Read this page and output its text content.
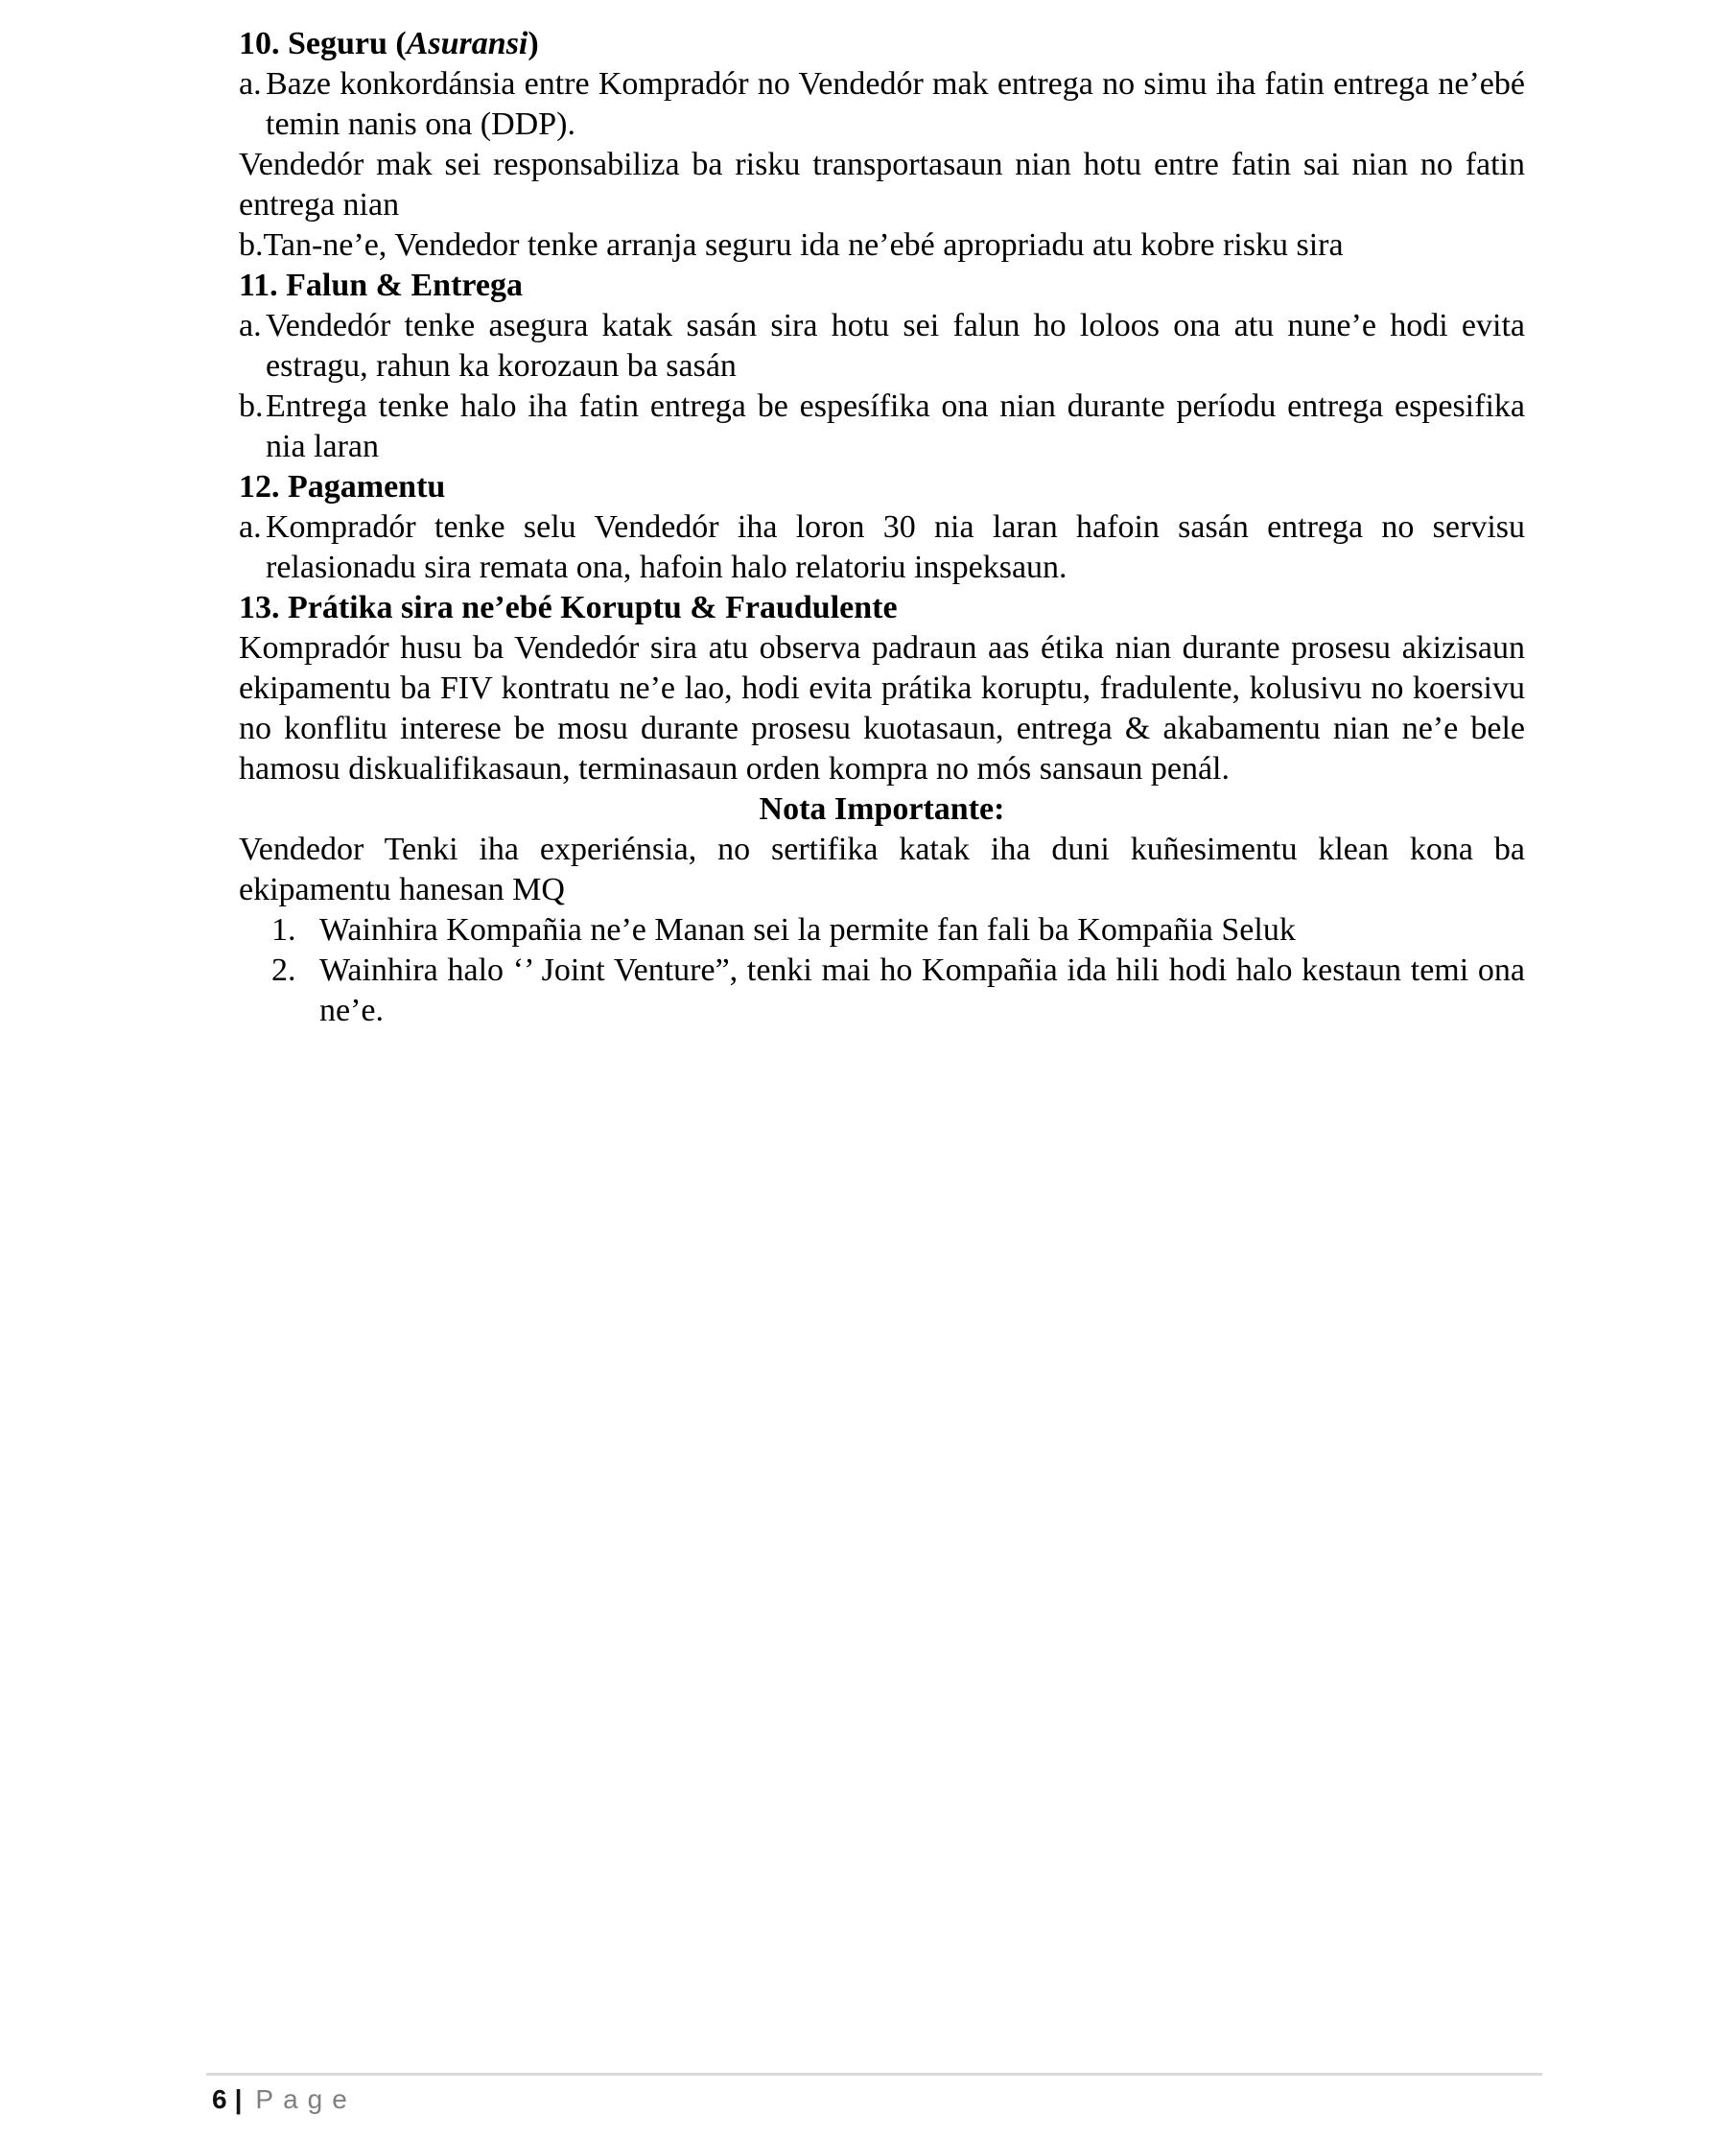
10. Seguru (Asuransi)

a. Baze konkordánsia entre Kompradór no Vendedór mak entrega no simu iha fatin entrega ne’ebé temin nanis ona (DDP).

Vendedór mak sei responsabiliza ba risku transportasaun nian hotu entre fatin sai nian no fatin entrega nian

b.Tan-ne’e, Vendedor tenke arranja seguru ida ne’ebé apropriadu atu kobre risku sira

11. Falun & Entrega

a. Vendedór tenke asegura katak sasán sira hotu sei falun ho loloos ona atu nune’e hodi evita estragu, rahun ka korozaun ba sasán

b.Entrega tenke halo iha fatin entrega be espesífika ona nian durante períodu entrega espesifika nia laran

12. Pagamentu

a. Kompradór tenke selu Vendedór iha loron 30 nia laran hafoin sasán entrega no servisu relasionadu sira remata ona, hafoin halo relatoriu inspeksaun.

13. Prátika sira ne’ebé Koruptu & Fraudulente

Kompradór husu ba Vendedór sira atu observa padraun aas étika nian durante prosesu akizisaun ekipamentu ba FIV kontratu ne’e lao, hodi evita prátika koruptu, fradulente, kolusivu no koersivu no konflitu interese be mosu durante prosesu kuotasaun, entrega & akabamentu nian ne’e bele hamosu diskualifikasaun, terminasaun orden kompra no mós sansaun penál.

Nota Importante:

Vendedor Tenki iha experiénsia, no sertifika katak iha duni kuñesimentu klean kona ba ekipamentu hanesan MQ

1. Wainhira Kompañia ne’e Manan sei la permite fan fali ba Kompañia Seluk

2. Wainhira halo ‘’ Joint Venture”, tenki mai ho Kompañia ida hili hodi halo kestaun temi ona ne’e.

6 | Page
